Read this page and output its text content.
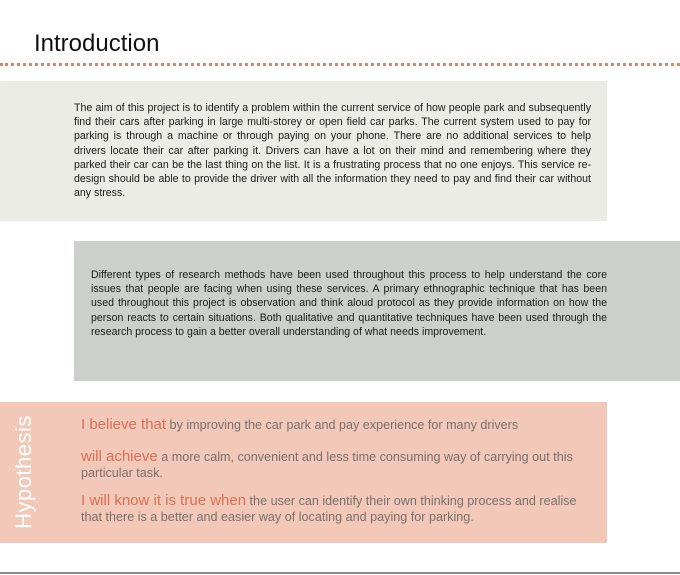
Introduction

The aim of this project is to identify a problem within the current service of how people park and subsequently find their cars after parking in large multi-storey or open field car parks. The current system used to pay for parking is through a machine or through paying on your phone. There are no additional services to help drivers locate their car after parking it. Drivers can have a lot on their mind and remembering where they parked their car can be the last thing on the list. It is a frustrating process that no one enjoys. This service re-design should be able to provide the driver with all the information they need to pay and find their car without any stress.

Different types of research methods have been used throughout this process to help understand the core issues that people are facing when using these services. A primary ethnographic technique that has been used throughout this project is observation and think aloud protocol as they provide information on how the person reacts to certain situations. Both qualitative and quantitative techniques have been used through the research process to gain a better overall understanding of what needs improvement.

Hypothesis	I believe that by improving the car park and pay experience for many drivers

will achieve a more calm, convenient and less time consuming way of carrying out this particular task.

I will know it is true when the user can identify their own thinking process and realise that there is a better and easier way of locating and paying for parking.
